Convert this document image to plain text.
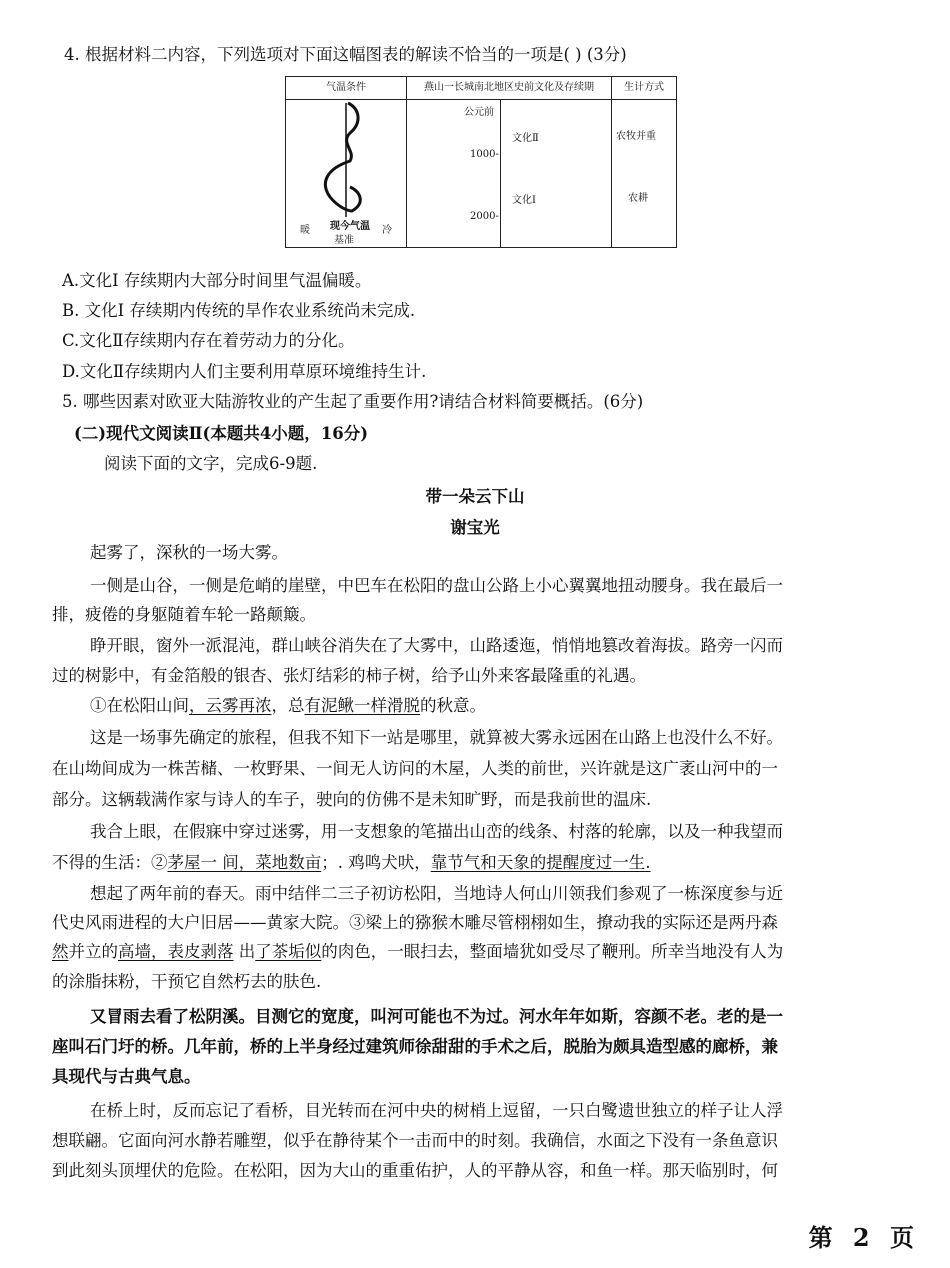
4. 根据材料二内容，下列选项对下面这幅图表的解读不恰当的一项是( ) (3分)
气温条件	燕山一长城南北地区史前文化及存续期	生计方式
暖 现今气温
基准
冷
公元前
1000-
2000-
文化Ⅱ
文化Ⅰ
农牧并重
农耕
A.文化Ⅰ 存续期内大部分时间里气温偏暖。
B. 文化Ⅰ 存续期内传统的旱作农业系统尚未完成.
C.文化Ⅱ存续期内存在着劳动力的分化。
D.文化Ⅱ存续期内人们主要利用草原环境维持生计.
5. 哪些因素对欧亚大陆游牧业的产生起了重要作用?请结合材料简要概括。(6分)
(二)现代文阅读Ⅱ(本题共4小题，16分)
阅读下面的文字，完成6-9题.
带一朵云下山
谢宝光
起雾了，深秋的一场大雾。
一侧是山谷，一侧是危峭的崖壁，中巴车在松阳的盘山公路上小心翼翼地扭动腰身。我在最后一
排，疲倦的身躯随着车轮一路颠簸。
睁开眼，窗外一派混沌，群山峡谷消失在了大雾中，山路逶迤，悄悄地篡改着海拔。路旁一闪而
过的树影中，有金箔般的银杏、张灯结彩的柿子树，给予山外来客最隆重的礼遇。
①在松阳山间，云雾再浓，总有泥鳅一样滑脱的秋意。
这是一场事先确定的旅程，但我不知下一站是哪里，就算被大雾永远困在山路上也没什么不好。
在山坳间成为一株苦槠、一枚野果、一间无人访问的木屋，人类的前世，兴许就是这广袤山河中的一
部分。这辆载满作家与诗人的车子，驶向的仿佛不是未知旷野，而是我前世的温床.
我合上眼，在假寐中穿过迷雾，用一支想象的笔描出山峦的线条、村落的轮廓，以及一种我望而
不得的生活：②茅屋一 间，菜地数亩；. 鸡鸣犬吠，靠节气和天象的提醒度过一生.
想起了两年前的春天。雨中结伴二三子初访松阳，当地诗人何山川领我们参观了一栋深度参与近
代史风雨进程的大户旧居——黄家大院。③梁上的猕猴木雕尽管栩栩如生，撩动我的实际还是两丹森
然并立的高墙，表皮剥落 出了茶垢似的肉色，一眼扫去，整面墙犹如受尽了鞭刑。所幸当地没有人为
的涂脂抹粉，干预它自然朽去的肤色.
又冒雨去看了松阴溪。目测它的宽度，叫河可能也不为过。河水年年如斯，容颜不老。老的是一
座叫石门圩的桥。几年前，桥的上半身经过建筑师徐甜甜的手术之后，脱胎为颇具造型感的廊桥，兼
具现代与古典气息。
在桥上时，反而忘记了看桥，目光转而在河中央的树梢上逗留，一只白鹭遗世独立的样子让人浮
想联翩。它面向河水静若雕塑，似乎在静待某个一击而中的时刻。我确信，水面之下没有一条鱼意识
到此刻头顶埋伏的危险。在松阳，因为大山的重重佑护，人的平静从容，和鱼一样。那天临别时，何
第 2 页
